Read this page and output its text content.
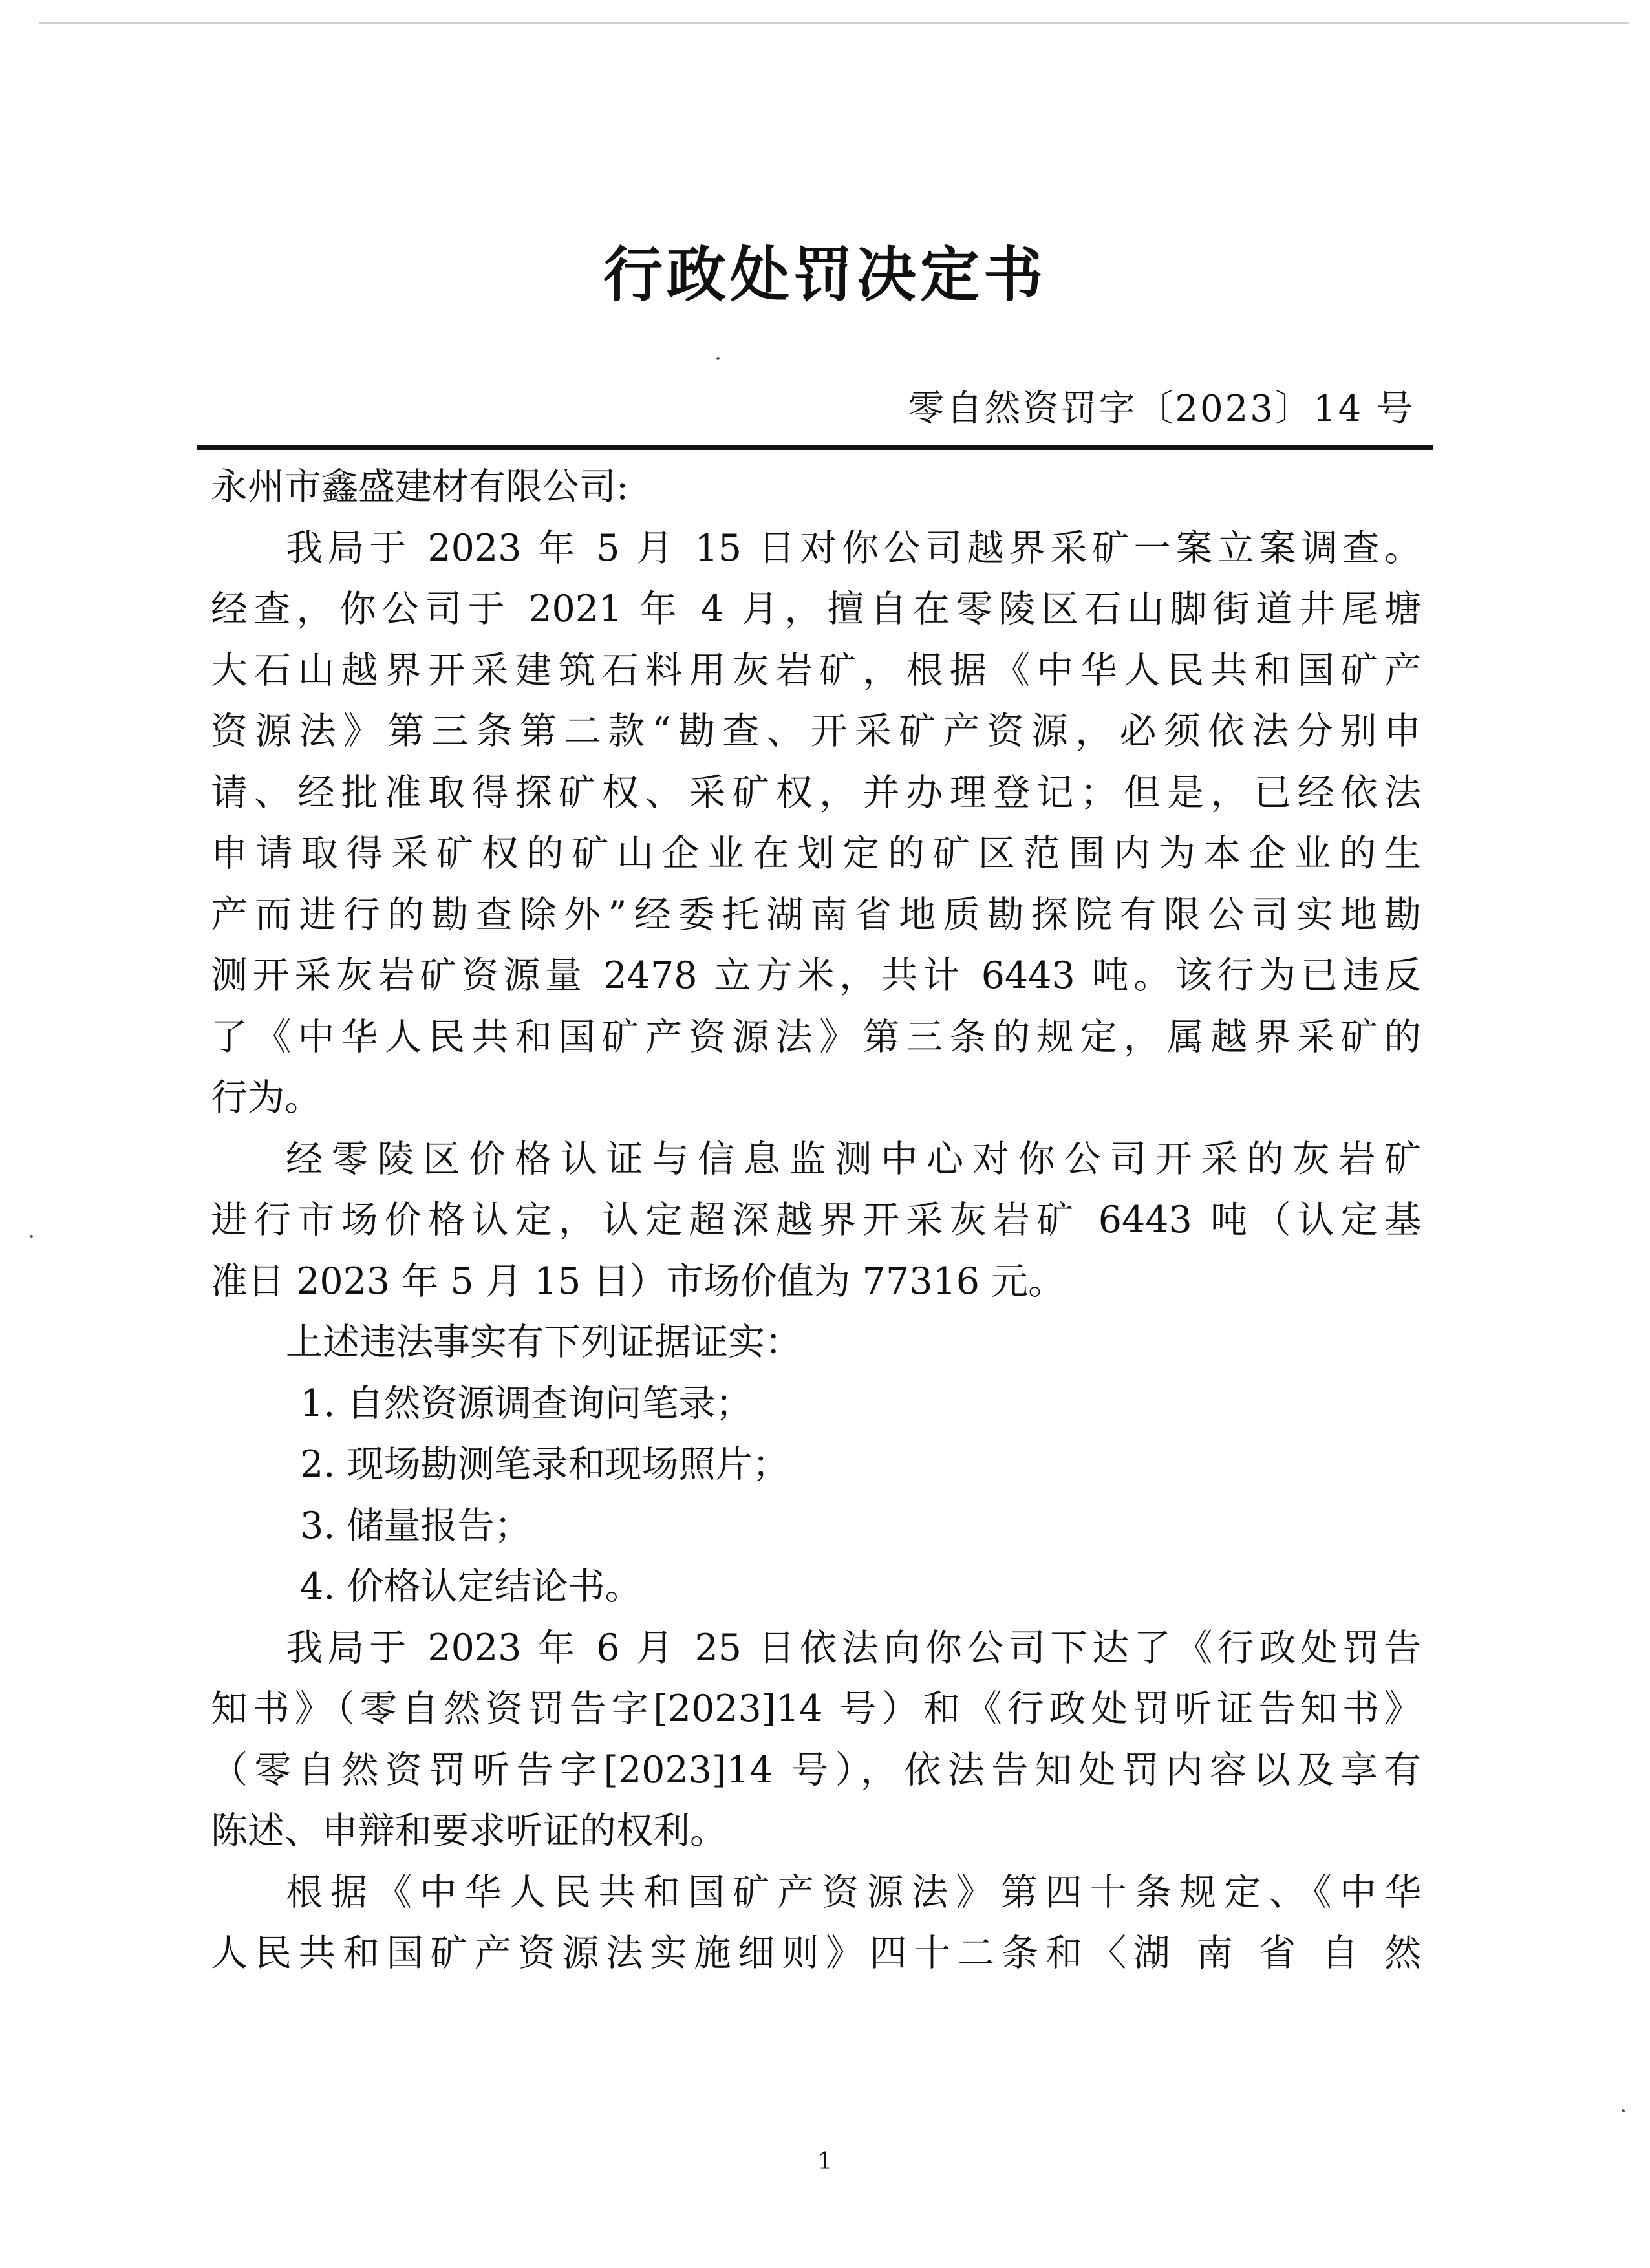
行政处罚决定书
零自然资罚字〔2023〕14 号
永州市鑫盛建材有限公司:
我局于 2023 年 5 月 15 日对你公司越界采矿一案立案调查。
经查，你公司于 2021 年 4 月，擅自在零陵区石山脚街道井尾塘
大石山越界开采建筑石料用灰岩矿，根据《中华人民共和国矿产
资源法》第三条第二款“勘查、开采矿产资源，必须依法分别申
请、经批准取得探矿权、采矿权，并办理登记；但是，已经依法
申请取得采矿权的矿山企业在划定的矿区范围内为本企业的生
产而进行的勘查除外”经委托湖南省地质勘探院有限公司实地勘
测开采灰岩矿资源量 2478 立方米，共计 6443 吨。该行为已违反
了《中华人民共和国矿产资源法》第三条的规定，属越界采矿的
行为。
经零陵区价格认证与信息监测中心对你公司开采的灰岩矿
进行市场价格认定，认定超深越界开采灰岩矿 6443 吨（认定基
准日 2023 年 5 月 15 日）市场价值为 77316 元。
上述违法事实有下列证据证实：
1. 自然资源调查询问笔录；
2. 现场勘测笔录和现场照片；
3. 储量报告；
4. 价格认定结论书。
我局于 2023 年 6 月 25 日依法向你公司下达了《行政处罚告
知书》（零自然资罚告字[2023]14 号）和《行政处罚听证告知书》
（零自然资罚听告字[2023]14 号），依法告知处罚内容以及享有
陈述、申辩和要求听证的权利。
根据《中华人民共和国矿产资源法》第四十条规定、《中华
人民共和国矿产资源法实施细则》四十二条和〈湖 南 省 自 然
1
